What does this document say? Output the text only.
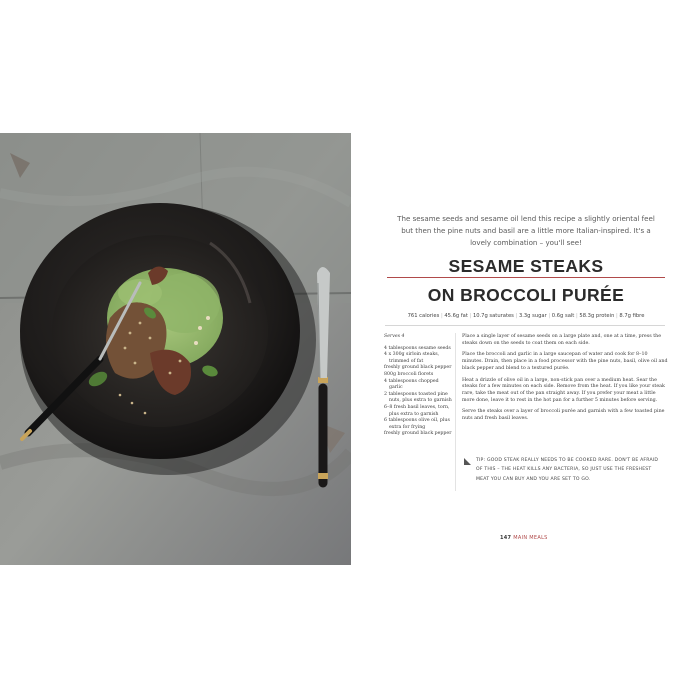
The sesame seeds and sesame oil lend this recipe a slightly oriental feel but then the pine nuts and basil are a little more Italian-inspired. It's a lovely combination – you'll see!

SESAME STEAKS
ON BROCCOLI PURÉE
761 calories | 45.6g fat | 10.7g saturates | 3.3g sugar | 0.6g salt | 58.3g protein | 8.7g fibre
Serves 4
4 tablespoons sesame seeds
4 x 300g sirloin steaks, trimmed of fat
freshly ground black pepper
800g broccoli florets
4 tablespoons chopped garlic
2 tablespoons toasted pine nuts, plus extra to garnish
6–8 fresh basil leaves, torn, plus extra to garnish
6 tablespoons olive oil, plus extra for frying
freshly ground black pepper

Place a single layer of sesame seeds on a large plate and, one at a time, press the steaks down on the seeds to coat them on each side.

Place the broccoli and garlic in a large saucepan of water and cook for 8–10 minutes. Drain, then place in a food processor with the pine nuts, basil, olive oil and black pepper and blend to a textured purée.

Heat a drizzle of olive oil in a large, non-stick pan over a medium heat. Sear the steaks for a few minutes on each side. Remove from the heat. If you like your steak rare, take the meat out of the pan straight away. If you prefer your meat a little more done, leave it to rest in the hot pan for a further 5 minutes before serving.

Serve the steaks over a layer of broccoli purée and garnish with a few toasted pine nuts and fresh basil leaves.

TIP: GOOD STEAK REALLY NEEDS TO BE COOKED RARE. DON'T BE AFRAID OF THIS – THE HEAT KILLS ANY BACTERIA, SO JUST USE THE FRESHEST MEAT YOU CAN BUY AND YOU ARE SET TO GO.
147 MAIN MEALS
